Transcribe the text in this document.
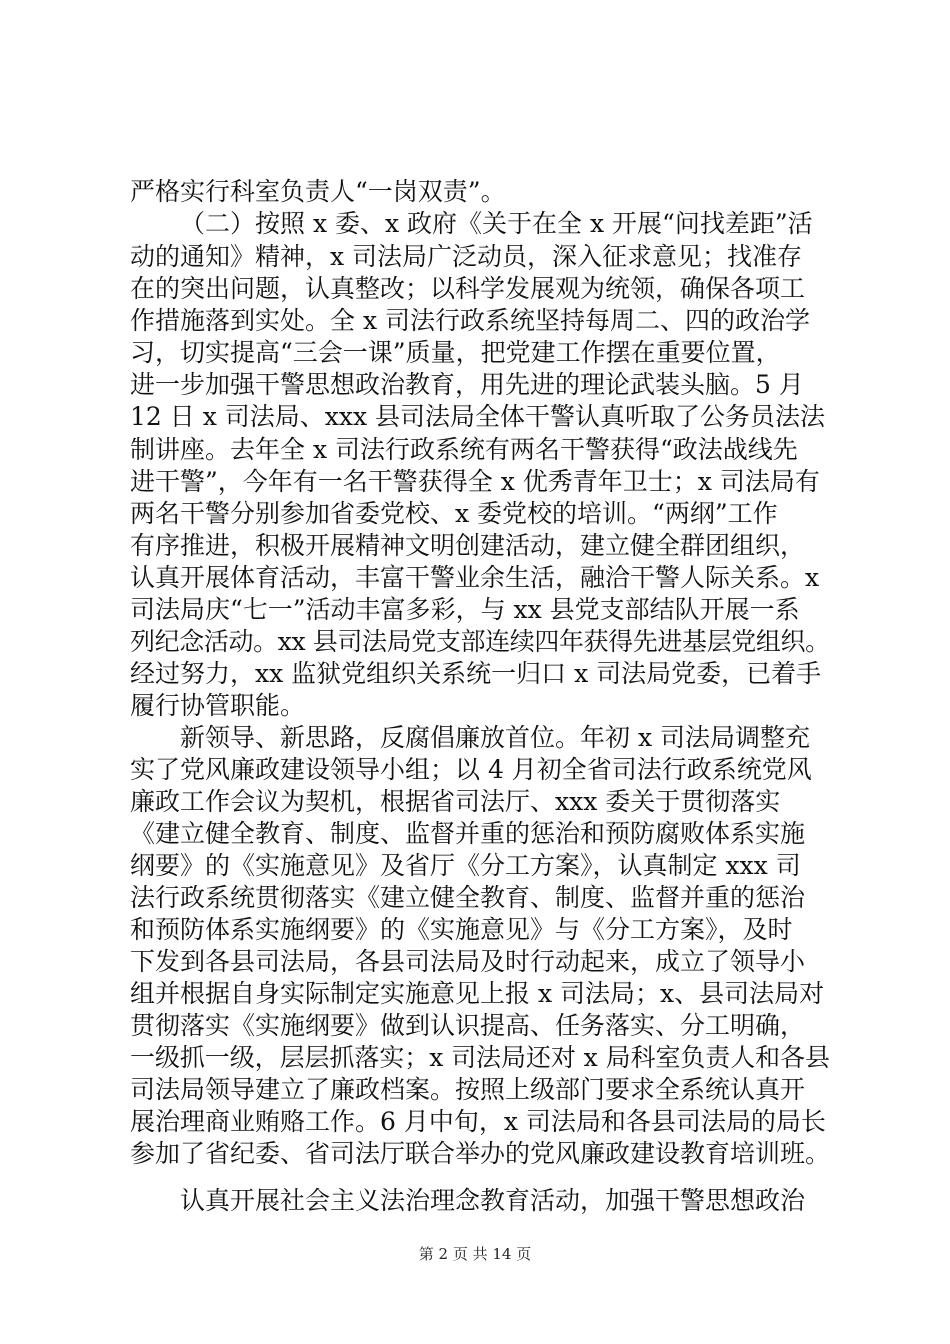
严格实行科室负责人“一岗双责”。
（二）按照 x 委、x 政府《关于在全 x 开展“问找差距”活
动的通知》精神，x 司法局广泛动员，深入征求意见；找准存
在的突出问题，认真整改；以科学发展观为统领，确保各项工
作措施落到实处。全 x 司法行政系统坚持每周二、四的政治学
习，切实提高“三会一课”质量，把党建工作摆在重要位置，
进一步加强干警思想政治教育，用先进的理论武装头脑。5 月
12 日 x 司法局、xxx 县司法局全体干警认真听取了公务员法法
制讲座。去年全 x 司法行政系统有两名干警获得“政法战线先
进干警”，今年有一名干警获得全 x 优秀青年卫士；x 司法局有
两名干警分别参加省委党校、x 委党校的培训。“两纲”工作
有序推进，积极开展精神文明创建活动，建立健全群团组织，
认真开展体育活动，丰富干警业余生活，融洽干警人际关系。x
司法局庆“七一”活动丰富多彩，与 xx 县党支部结队开展一系
列纪念活动。xx 县司法局党支部连续四年获得先进基层党组织。
经过努力，xx 监狱党组织关系统一归口 x 司法局党委，已着手
履行协管职能。
新领导、新思路，反腐倡廉放首位。年初 x 司法局调整充
实了党风廉政建设领导小组；以 4 月初全省司法行政系统党风
廉政工作会议为契机，根据省司法厅、xxx 委关于贯彻落实
《建立健全教育、制度、监督并重的惩治和预防腐败体系实施
纲要》的《实施意见》及省厅《分工方案》，认真制定 xxx 司
法行政系统贯彻落实《建立健全教育、制度、监督并重的惩治
和预防体系实施纲要》的《实施意见》与《分工方案》，及时
下发到各县司法局，各县司法局及时行动起来，成立了领导小
组并根据自身实际制定实施意见上报 x 司法局；x、县司法局对
贯彻落实《实施纲要》做到认识提高、任务落实、分工明确，
一级抓一级，层层抓落实；x 司法局还对 x 局科室负责人和各县
司法局领导建立了廉政档案。按照上级部门要求全系统认真开
展治理商业贿赂工作。6 月中旬，x 司法局和各县司法局的局长
参加了省纪委、省司法厅联合举办的党风廉政建设教育培训班。
认真开展社会主义法治理念教育活动，加强干警思想政治
第 2 页 共 14 页
